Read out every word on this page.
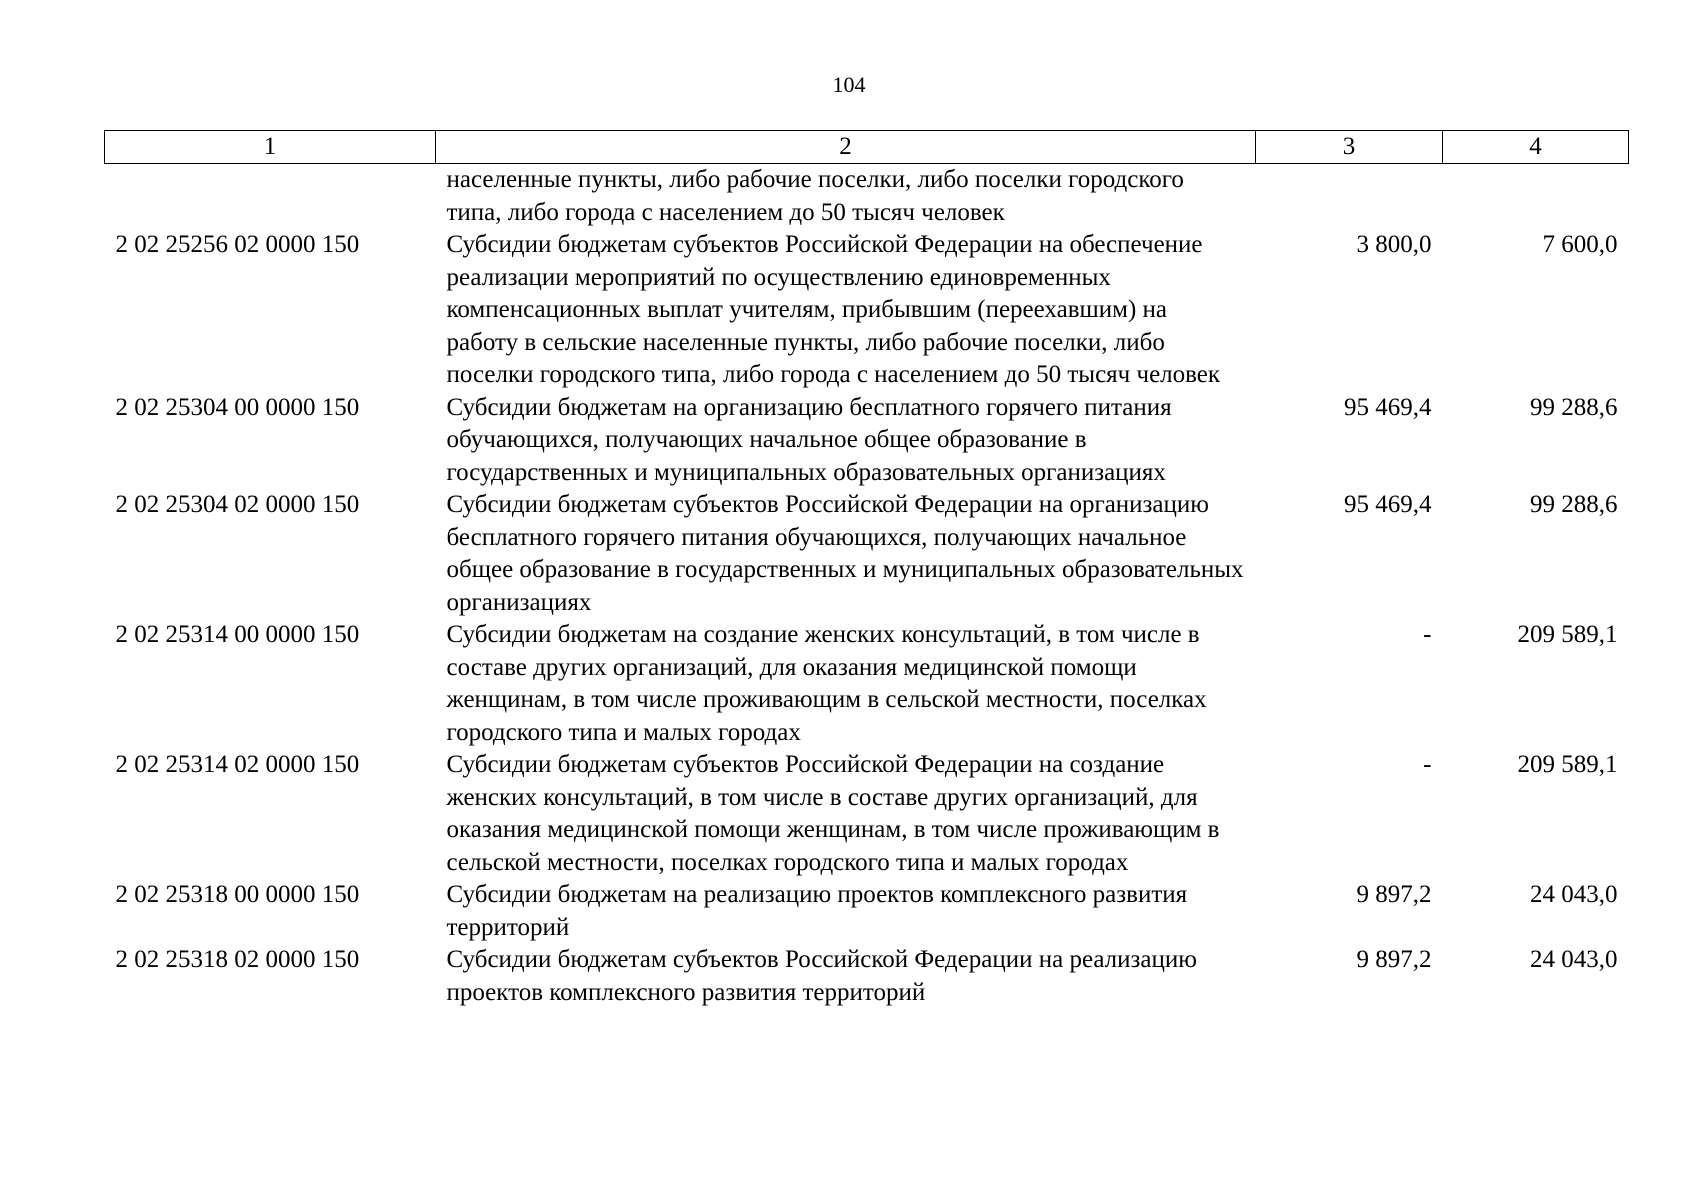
104
1	2	3	4
	населенные пункты, либо рабочие поселки, либо поселки городского типа, либо города с населением до 50 тысяч человек		
2 02 25256 02 0000 150	Субсидии бюджетам субъектов Российской Федерации на обеспечение реализации мероприятий по осуществлению единовременных компенсационных выплат учителям, прибывшим (переехавшим) на работу в сельские населенные пункты, либо рабочие поселки, либо поселки городского типа, либо города с населением до 50 тысяч человек	3 800,0	7 600,0
2 02 25304 00 0000 150	Субсидии бюджетам на организацию бесплатного горячего питания обучающихся, получающих начальное общее образование в государственных и муниципальных образовательных организациях	95 469,4	99 288,6
2 02 25304 02 0000 150	Субсидии бюджетам субъектов Российской Федерации на организацию бесплатного горячего питания обучающихся, получающих начальное общее образование в государственных и муниципальных образовательных организациях	95 469,4	99 288,6
2 02 25314 00 0000 150	Субсидии бюджетам на создание женских консультаций, в том числе в составе других организаций, для оказания медицинской помощи женщинам, в том числе проживающим в сельской местности, поселках городского типа и малых городах	-	209 589,1
2 02 25314 02 0000 150	Субсидии бюджетам субъектов Российской Федерации на создание женских консультаций, в том числе в составе других организаций, для оказания медицинской помощи женщинам, в том числе проживающим в сельской местности, поселках городского типа и малых городах	-	209 589,1
2 02 25318 00 0000 150	Субсидии бюджетам на реализацию проектов комплексного развития территорий	9 897,2	24 043,0
2 02 25318 02 0000 150	Субсидии бюджетам субъектов Российской Федерации на реализацию проектов комплексного развития территорий	9 897,2	24 043,0
